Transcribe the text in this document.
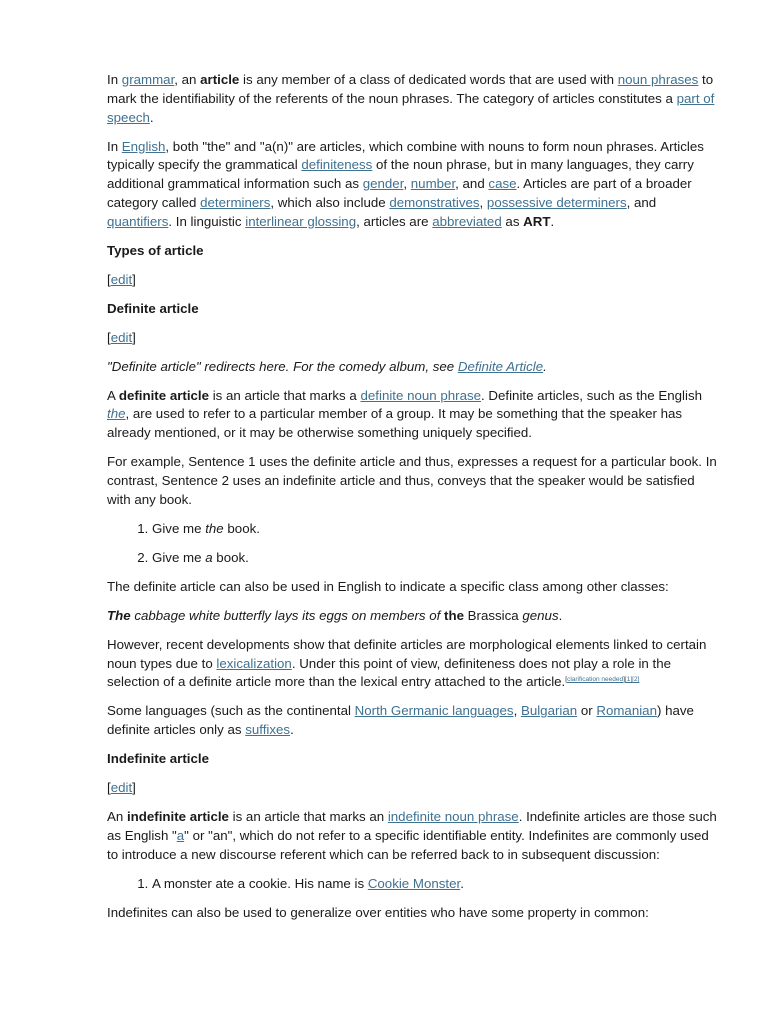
In grammar, an article is any member of a class of dedicated words that are used with noun phrases to mark the identifiability of the referents of the noun phrases. The category of articles constitutes a part of speech.

In English, both "the" and "a(n)" are articles, which combine with nouns to form noun phrases. Articles typically specify the grammatical definiteness of the noun phrase, but in many languages, they carry additional grammatical information such as gender, number, and case. Articles are part of a broader category called determiners, which also include demonstratives, possessive determiners, and quantifiers. In linguistic interlinear glossing, articles are abbreviated as ART.

Types of article

[edit]

Definite article

[edit]

"Definite article" redirects here. For the comedy album, see Definite Article.

A definite article is an article that marks a definite noun phrase. Definite articles, such as the English the, are used to refer to a particular member of a group. It may be something that the speaker has already mentioned, or it may be otherwise something uniquely specified.

For example, Sentence 1 uses the definite article and thus, expresses a request for a particular book. In contrast, Sentence 2 uses an indefinite article and thus, conveys that the speaker would be satisfied with any book.

1. Give me the book.
2. Give me a book.

The definite article can also be used in English to indicate a specific class among other classes:

The cabbage white butterfly lays its eggs on members of the Brassica genus.

However, recent developments show that definite articles are morphological elements linked to certain noun types due to lexicalization. Under this point of view, definiteness does not play a role in the selection of a definite article more than the lexical entry attached to the article.[clarification needed][1][2]

Some languages (such as the continental North Germanic languages, Bulgarian or Romanian) have definite articles only as suffixes.

Indefinite article

[edit]

An indefinite article is an article that marks an indefinite noun phrase. Indefinite articles are those such as English "a" or "an", which do not refer to a specific identifiable entity. Indefinites are commonly used to introduce a new discourse referent which can be referred back to in subsequent discussion:

1. A monster ate a cookie. His name is Cookie Monster.

Indefinites can also be used to generalize over entities who have some property in common:
